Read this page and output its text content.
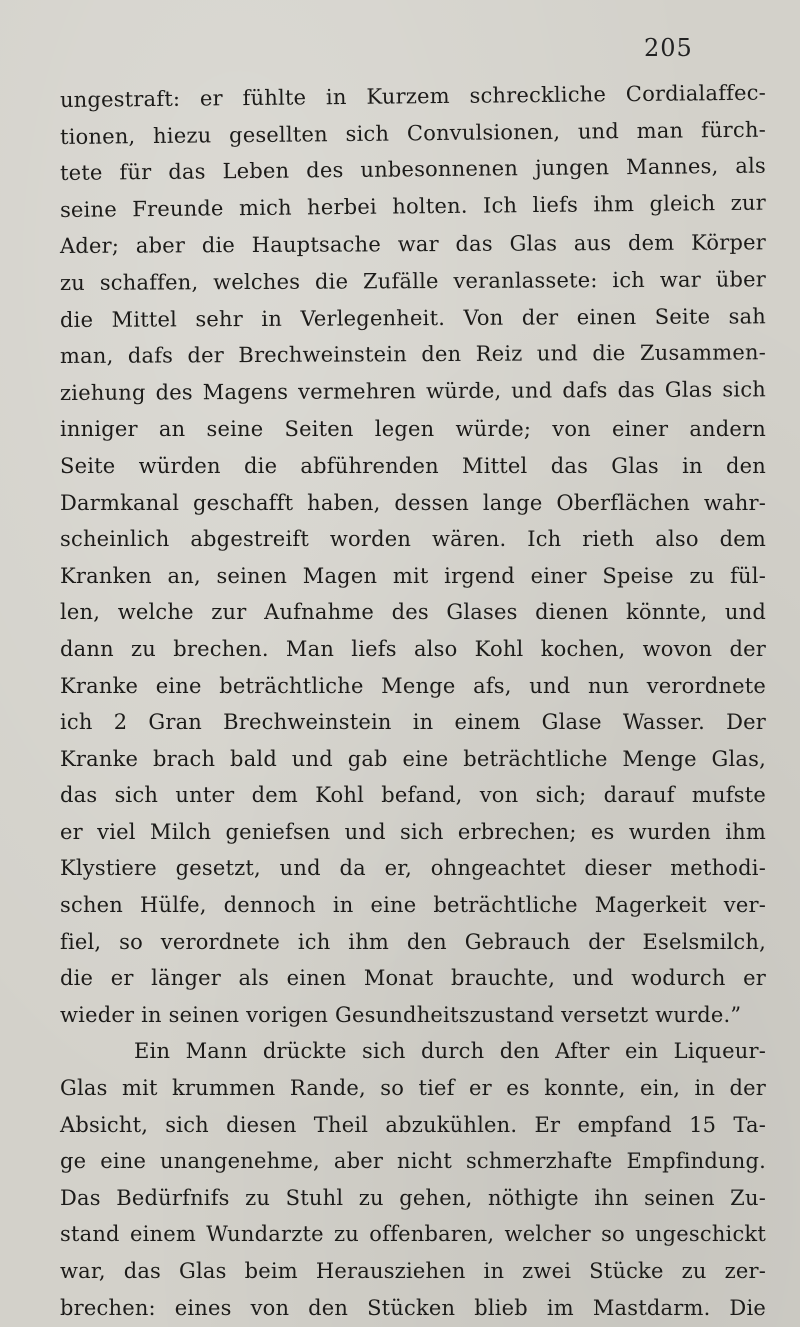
205
ungestraft: er fühlte in Kurzem schreckliche Cordialaffec-
tionen, hiezu gesellten sich Convulsionen, und man fürch-
tete für das Leben des unbesonnenen jungen Mannes, als
seine Freunde mich herbei holten. Ich liefs ihm gleich zur
Ader; aber die Hauptsache war das Glas aus dem Körper
zu schaffen, welches die Zufälle veranlassete: ich war über
die Mittel sehr in Verlegenheit. Von der einen Seite sah
man, dafs der Brechweinstein den Reiz und die Zusammen-
ziehung des Magens vermehren würde, und dafs das Glas sich
inniger an seine Seiten legen würde; von einer andern
Seite würden die abführenden Mittel das Glas in den
Darmkanal geschafft haben, dessen lange Oberflächen wahr-
scheinlich abgestreift worden wären. Ich rieth also dem
Kranken an, seinen Magen mit irgend einer Speise zu fül-
len, welche zur Aufnahme des Glases dienen könnte, und
dann zu brechen. Man liefs also Kohl kochen, wovon der
Kranke eine beträchtliche Menge afs, und nun verordnete
ich 2 Gran Brechweinstein in einem Glase Wasser. Der
Kranke brach bald und gab eine beträchtliche Menge Glas,
das sich unter dem Kohl befand, von sich; darauf mufste
er viel Milch geniefsen und sich erbrechen; es wurden ihm
Klystiere gesetzt, und da er, ohngeachtet dieser methodi-
schen Hülfe, dennoch in eine beträchtliche Magerkeit ver-
fiel, so verordnete ich ihm den Gebrauch der Eselsmilch,
die er länger als einen Monat brauchte, und wodurch er
wieder in seinen vorigen Gesundheitszustand versetzt wurde.”
Ein Mann drückte sich durch den After ein Liqueur-
Glas mit krummen Rande, so tief er es konnte, ein, in der
Absicht, sich diesen Theil abzukühlen. Er empfand 15 Ta-
ge eine unangenehme, aber nicht schmerzhafte Empfindung.
Das Bedürfnifs zu Stuhl zu gehen, nöthigte ihn seinen Zu-
stand einem Wundarzte zu offenbaren, welcher so ungeschickt
war, das Glas beim Herausziehen in zwei Stücke zu zer-
brechen: eines von den Stücken blieb im Mastdarm. Die
